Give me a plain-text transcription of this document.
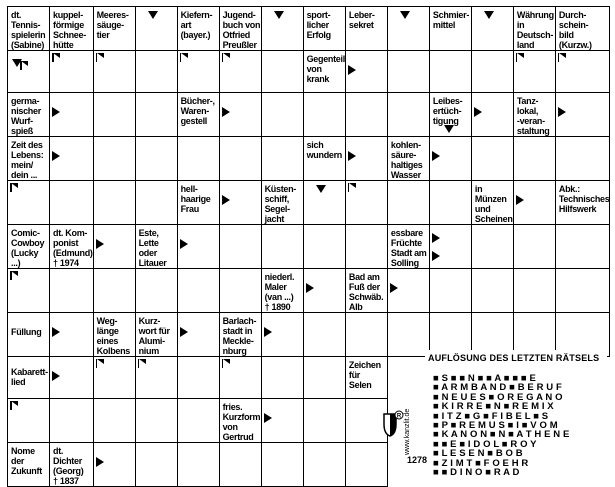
dt.
Tennis-
spielerin
(Sabine)	kuppel-
förmige
Schnee-
hütte	Meeres-
säuge-
tier		Kiefern-
art
(bayer.)	Jugend-
buch von
Otfried
Preußler		sport-
licher
Erfolg	Leber-
sekret		Schmier-
mittel		Währung
in
Deutsch-
land	Durch-
schein-
bild
(Kurzw.)

							Gegenteil
von krank						

germa-
nischer
Wurf-
spieß				Bücher-,
Waren-
gestell						Leibes-
ertüch-
tigung		Tanz-
lokal,
-veran-
staltung	

Zeit des
Lebens:
mein/
dein ...							sich
wundern		kohlen-
säure-
haltiges
Wasser				

				hell-
haarige
Frau		Küsten-
schiff,
Segel-
jacht					in
Münzen
und
Scheinen		Abk.:
Technisches
Hilfswerk

Comic-
Cowboy
(Lucky ...)	dt. Kom-
ponist
(Edmund)
† 1974		Este,
Lette
oder
Litauer						essbare
Früchte
Stadt am
Solling				

						niederl.
Maler
(van ...)
† 1890		Bad am
Fuß der
Schwäb.
Alb					

Füllung		Weg-
länge
eines
Kolbens	Kurz-
wort für
Alumi-
nium		Barlach-
stadt in
Meckle-
nburg								

Kabarett-
lied								Zeichen
für
Selen					

					fries.
Kurzform
von
Gertrud								

Nome
der
Zukunft	dt.
Dichter
(Georg)
† 1837												

AUFLÖSUNG DES LETZTEN RÄTSELS
■ S ■ ■ N ■ ■ A ■ ■ ■ E
■ A R M B A N D ■ B E R U F
■ N E U E S ■ O R E G A N O
■ K I R R E ■ N ■ R E M I X
■ I T Z ■ G ■ F I B E L ■ S
■ P ■ R E M U S ■ I ■ V O M
■ K A N O N ■ N ■ A T H E N E
■ ■ E ■ I D O L ■ R O Y
■ L E S E N ■ B O B
■ Z I M T ■ F O E H R
■ ■ D I N O ■ R A D
R www.kanzlit.de
1278
